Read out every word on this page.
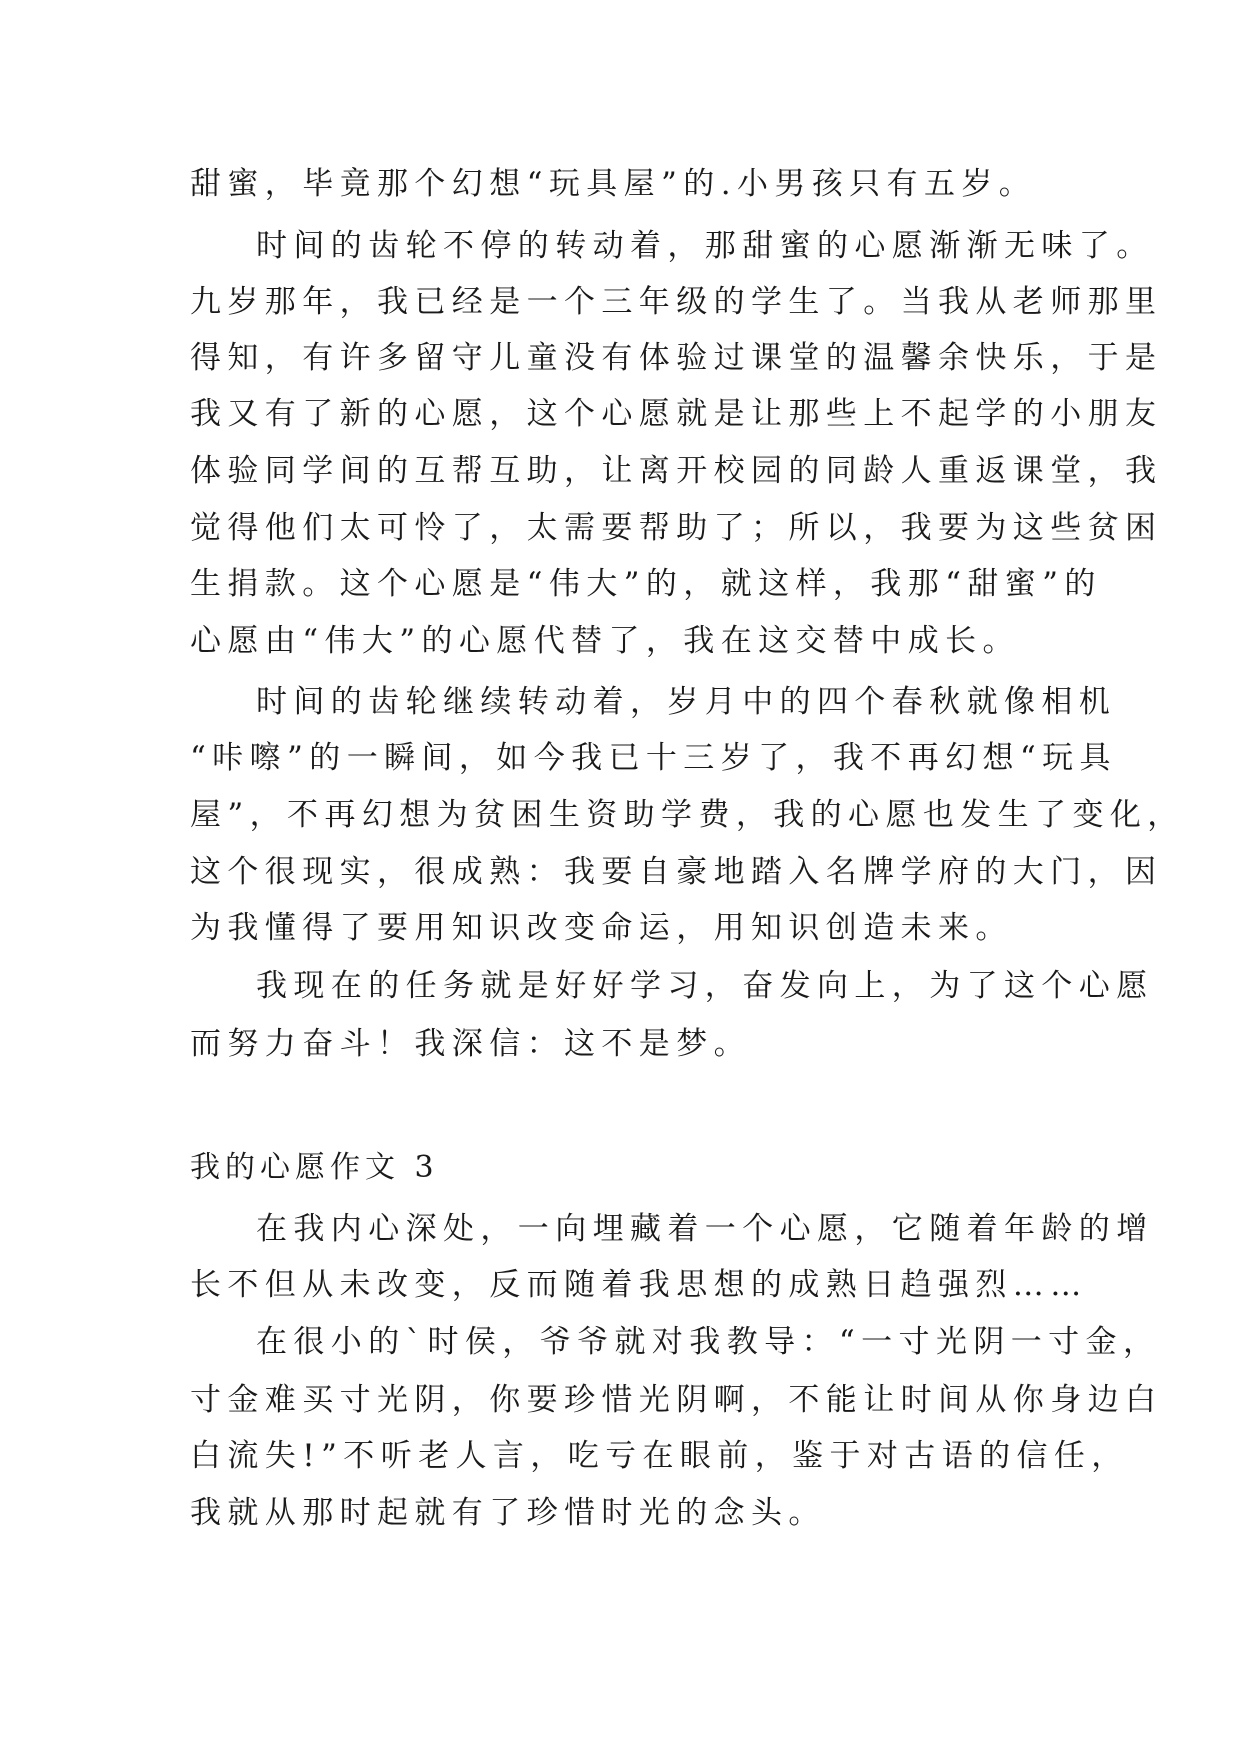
甜蜜，毕竟那个幻想“玩具屋”的.小男孩只有五岁。
时间的齿轮不停的转动着，那甜蜜的心愿渐渐无味了。
九岁那年，我已经是一个三年级的学生了。当我从老师那里
得知，有许多留守儿童没有体验过课堂的温馨余快乐，于是
我又有了新的心愿，这个心愿就是让那些上不起学的小朋友
体验同学间的互帮互助，让离开校园的同龄人重返课堂，我
觉得他们太可怜了，太需要帮助了；所以，我要为这些贫困
生捐款。这个心愿是“伟大”的，就这样，我那“甜蜜”的
心愿由“伟大”的心愿代替了，我在这交替中成长。
时间的齿轮继续转动着，岁月中的四个春秋就像相机
“咔嚓”的一瞬间，如今我已十三岁了，我不再幻想“玩具
屋”，不再幻想为贫困生资助学费，我的心愿也发生了变化，
这个很现实，很成熟：我要自豪地踏入名牌学府的大门，因
为我懂得了要用知识改变命运，用知识创造未来。
我现在的任务就是好好学习，奋发向上，为了这个心愿
而努力奋斗！我深信：这不是梦。
我的心愿作文 3
在我内心深处，一向埋藏着一个心愿，它随着年龄的增
长不但从未改变，反而随着我思想的成熟日趋强烈……
在很小的`时侯，爷爷就对我教导：“一寸光阴一寸金，
寸金难买寸光阴，你要珍惜光阴啊，不能让时间从你身边白
白流失!”不听老人言，吃亏在眼前，鉴于对古语的信任，
我就从那时起就有了珍惜时光的念头。
